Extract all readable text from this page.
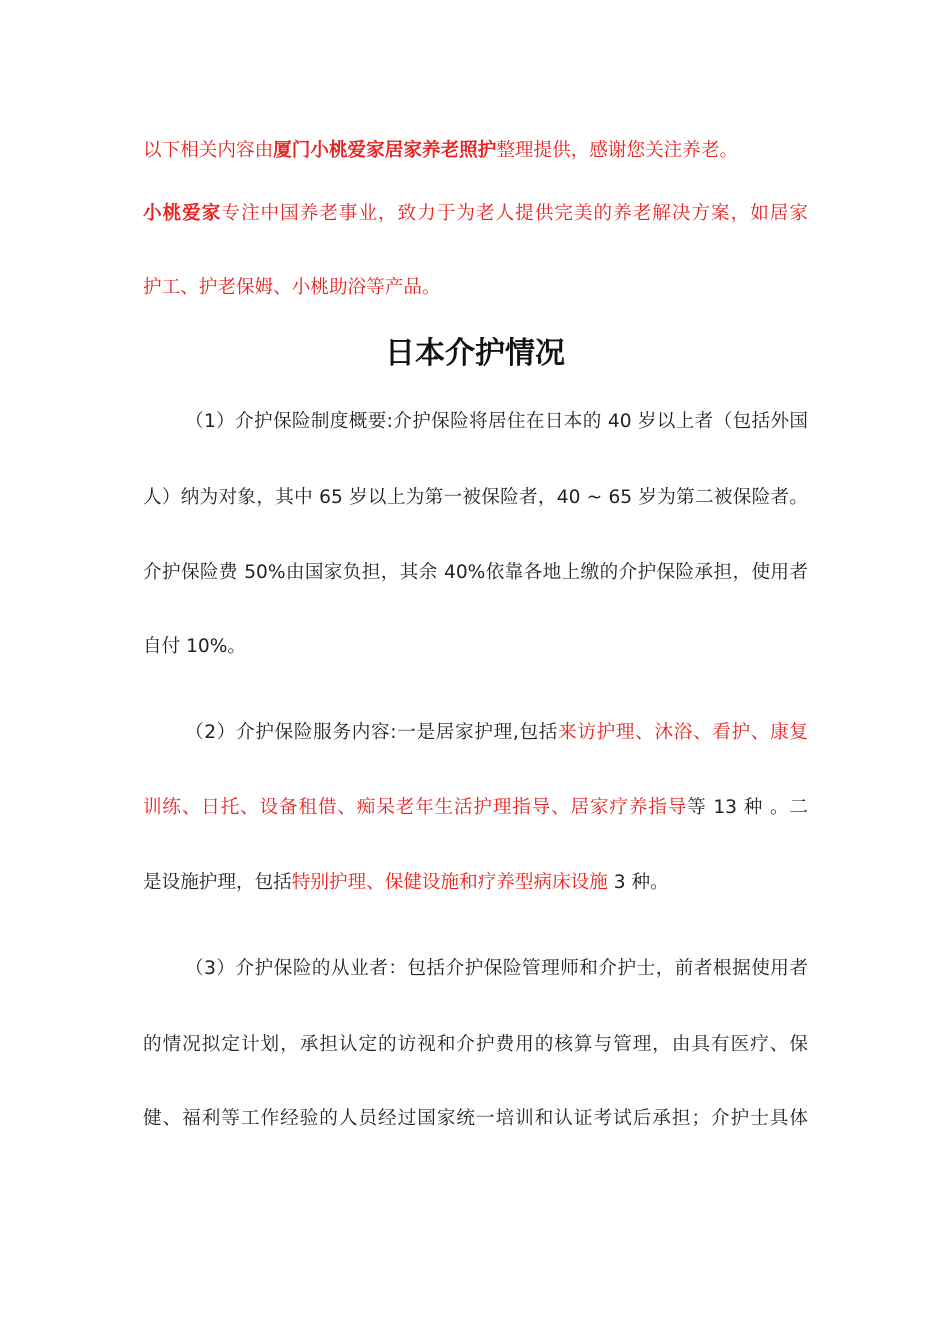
以下相关内容由厦门小桃爱家居家养老照护整理提供，感谢您关注养老。
小桃爱家专注中国养老事业，致力于为老人提供完美的养老解决方案，如居家
护工、护老保姆、小桃助浴等产品。
日本介护情况
（1）介护保险制度概要:介护保险将居住在日本的 40 岁以上者（包括外国
人）纳为对象，其中 65 岁以上为第一被保险者，40 ~ 65 岁为第二被保险者。
介护保险费 50%由国家负担，其余 40%依靠各地上缴的介护保险承担，使用者
自付 10%。
（2）介护保险服务内容:一是居家护理,包括来访护理、沐浴、看护、康复
训练、日托、设备租借、痴呆老年生活护理指导、居家疗养指导等 13 种 。二
是设施护理，包括特别护理、保健设施和疗养型病床设施 3 种。
（3）介护保险的从业者：包括介护保险管理师和介护士，前者根据使用者
的情况拟定计划，承担认定的访视和介护费用的核算与管理，由具有医疗、保
健、福利等工作经验的人员经过国家统一培训和认证考试后承担；介护士具体
